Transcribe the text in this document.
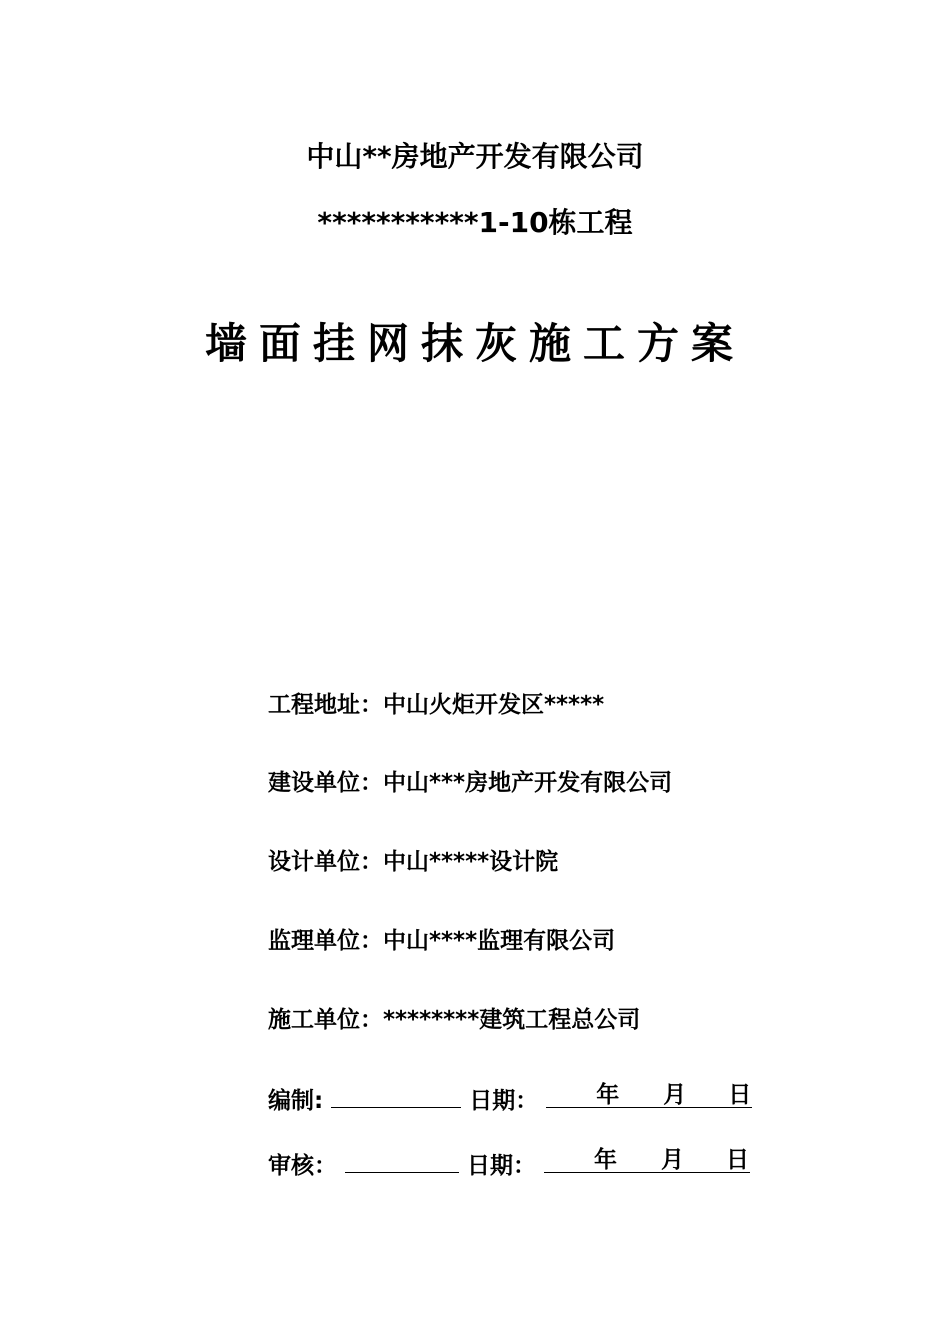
中山**房地产开发有限公司
***********1-10栋工程
墙面挂网抹灰施工方案
工程地址：中山火炬开发区*****
建设单位：中山***房地产开发有限公司
设计单位：中山*****设计院
监理单位：中山****监理有限公司
施工单位：********建筑工程总公司
编制:	日期：	年 月 日
审核：	日期：	年 月 日
